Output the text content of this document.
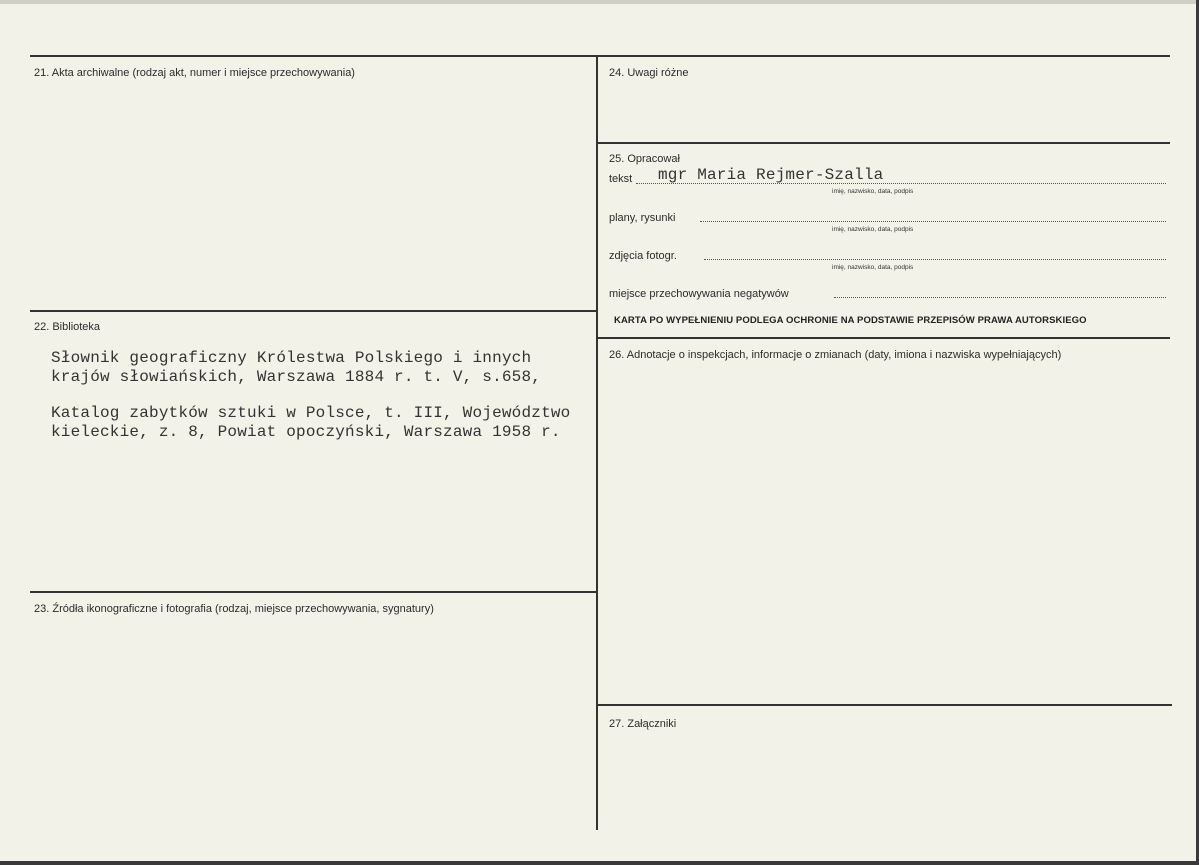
21. Akta archiwalne (rodzaj akt, numer i miejsce przechowywania)
22. Biblioteka
Słownik geograficzny Królestwa Polskiego i innych
krajów słowiańskich, Warszawa 1884 r. t. V, s.658,
Katalog zabytków sztuki w Polsce, t. III, Województwo
kieleckie, z. 8, Powiat opoczyński, Warszawa 1958 r.
23. Źródła ikonograficzne i fotografia (rodzaj, miejsce przechowywania, sygnatury)
24. Uwagi różne
25. Opracował
tekst mgr Maria Rejmer-Szalla
imię, nazwisko, data, podpis
plany, rysunki
imię, nazwisko, data, podpis
zdjęcia fotogr.
imię, nazwisko, data, podpis
miejsce przechowywania negatywów
KARTA PO WYPEŁNIENIU PODLEGA OCHRONIE NA PODSTAWIE PRZEPISÓW PRAWA AUTORSKIEGO
26. Adnotacje o inspekcjach, informacje o zmianach (daty, imiona i nazwiska wypełniających)
27. Załączniki
